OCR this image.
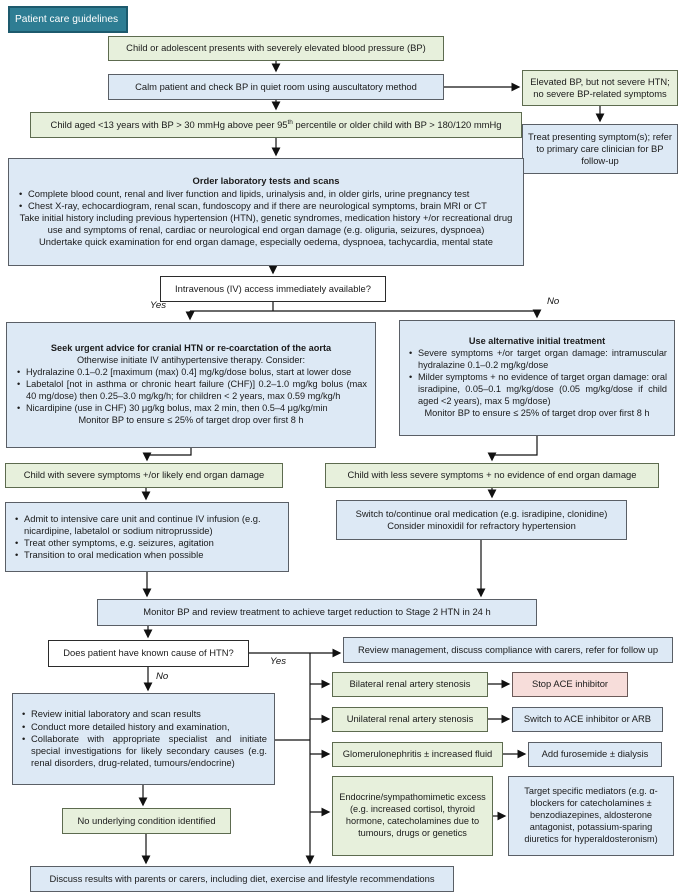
Patient care guidelines
Child or adolescent presents with severely elevated blood pressure (BP)
Calm patient and check BP in quiet room using auscultatory method	Elevated BP, but not severe HTN; no severe BP-related symptoms
Child aged <13 years with BP > 30 mmHg above peer 95th percentile or older child with BP > 180/120 mmHg
Treat presenting symptom(s); refer to primary care clinician for BP follow-up
Order laboratory tests and scans
• Complete blood count, renal and liver function and lipids, urinalysis and, in older girls, urine pregnancy test
• Chest X-ray, echocardiogram, renal scan, fundoscopy and if there are neurological symptoms, brain MRI or CT
Take initial history including previous hypertension (HTN), genetic syndromes, medication history +/or recreational drug use and symptoms of renal, cardiac or neurological end organ damage (e.g. oliguria, seizures, dyspnoea)
Undertake quick examination for end organ damage, especially oedema, dyspnoea, tachycardia, mental state
Intravenous (IV) access immediately available?
Yes	No
Seek urgent advice for cranial HTN or re-coarctation of the aorta
Otherwise initiate IV antihypertensive therapy. Consider:
• Hydralazine 0.1–0.2 [maximum (max) 0.4] mg/kg/dose bolus, start at lower dose
• Labetalol [not in asthma or chronic heart failure (CHF)] 0.2–1.0 mg/kg bolus (max 40 mg/dose) then 0.25–3.0 mg/kg/h; for children < 2 years, max 0.59 mg/kg/h
• Nicardipine (use in CHF) 30 μg/kg bolus, max 2 min, then 0.5–4 μg/kg/min
Monitor BP to ensure ≤ 25% of target drop over first 8 h
Use alternative initial treatment
• Severe symptoms +/or target organ damage: intramuscular hydralazine 0.1–0.2 mg/kg/dose
• Milder symptoms + no evidence of target organ damage: oral isradipine, 0.05–0.1 mg/kg/dose (0.05 mg/kg/dose if child aged <2 years), max 5 mg/dose)
Monitor BP to ensure ≤ 25% of target drop over first 8 h
Child with severe symptoms +/or likely end organ damage	Child with less severe symptoms + no evidence of end organ damage
• Admit to intensive care unit and continue IV infusion (e.g. nicardipine, labetalol or sodium nitroprusside)
• Treat other symptoms, e.g. seizures, agitation
• Transition to oral medication when possible
Switch to/continue oral medication (e.g. isradipine, clonidine)
Consider minoxidil for refractory hypertension
Monitor BP and review treatment to achieve target reduction to Stage 2 HTN in 24 h
Does patient have known cause of HTN?
Yes
No
Review management, discuss compliance with carers, refer for follow up
Bilateral renal artery stenosis	Stop ACE inhibitor
Unilateral renal artery stenosis	Switch to ACE inhibitor or ARB
Glomerulonephritis ± increased fluid	Add furosemide ± dialysis
Endocrine/sympathomimetic excess (e.g. increased cortisol, thyroid hormone, catecholamines due to tumours, drugs or genetics
Target specific mediators (e.g. α-blockers for catecholamines ± benzodiazepines, aldosterone antagonist, potassium-sparing diuretics for hyperaldosteronism)
• Review initial laboratory and scan results
• Conduct more detailed history and examination,
• Collaborate with appropriate specialist and initiate special investigations for likely secondary causes (e.g. renal disorders, drug-related, tumours/endocrine)
No underlying condition identified
Discuss results with parents or carers, including diet, exercise and lifestyle recommendations
